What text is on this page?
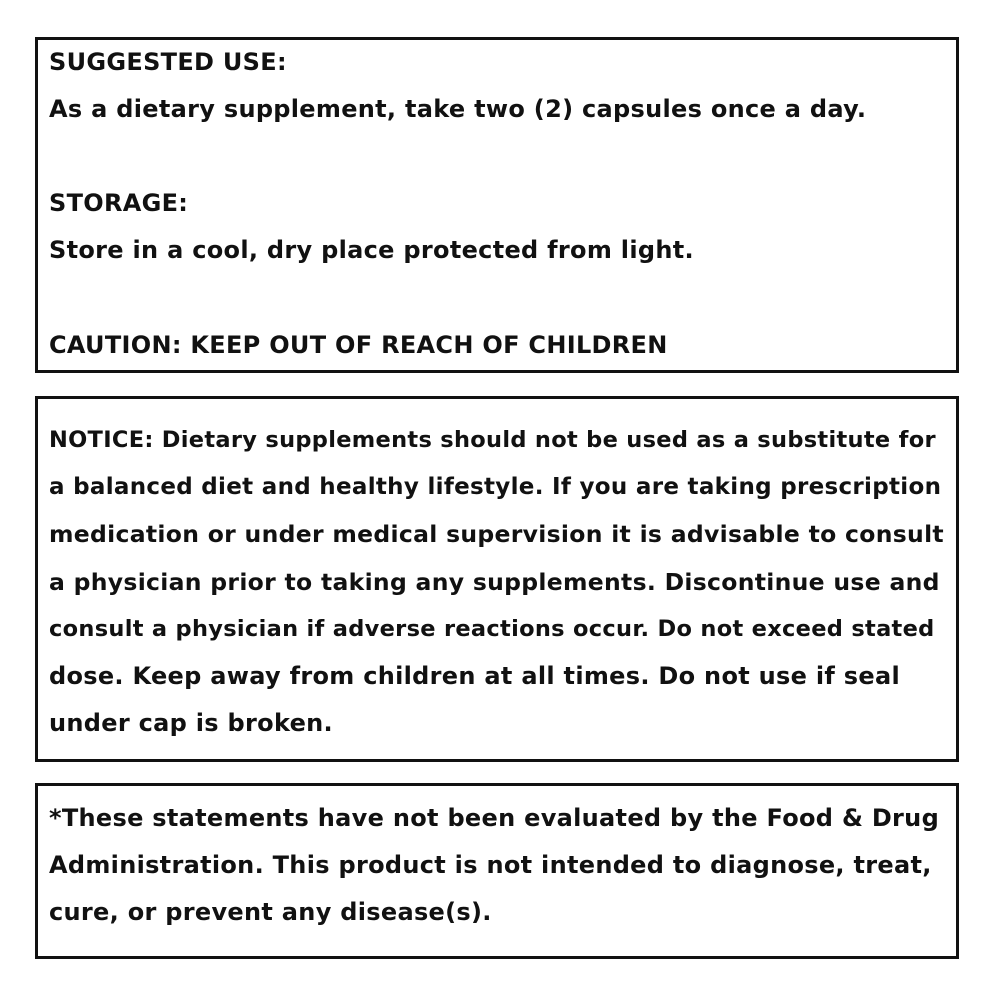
SUGGESTED USE:
As a dietary supplement, take two (2) capsules once a day.
STORAGE:
Store in a cool, dry place protected from light.
CAUTION: KEEP OUT OF REACH OF CHILDREN
NOTICE: Dietary supplements should not be used as a substitute for
a balanced diet and healthy lifestyle. If you are taking prescription
medication or under medical supervision it is advisable to consult
a physician prior to taking any supplements. Discontinue use and
consult a physician if adverse reactions occur. Do not exceed stated
dose. Keep away from children at all times. Do not use if seal
under cap is broken.
*These statements have not been evaluated by the Food & Drug
Administration. This product is not intended to diagnose, treat,
cure, or prevent any disease(s).
